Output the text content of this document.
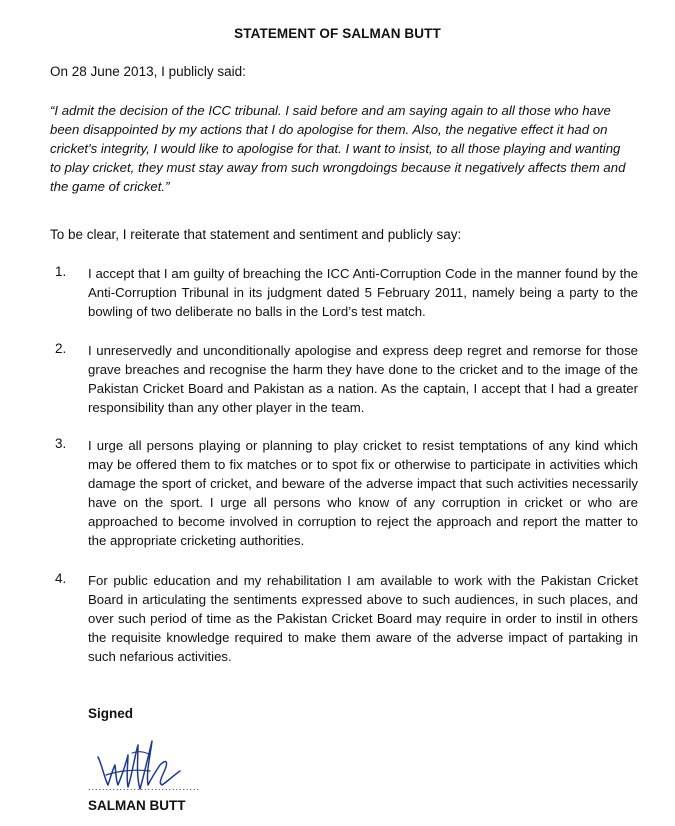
STATEMENT OF SALMAN BUTT
On 28 June 2013, I publicly said:
“I admit the decision of the ICC tribunal. I said before and am saying again to all those who have been disappointed by my actions that I do apologise for them. Also, the negative effect it had on cricket's integrity, I would like to apologise for that. I want to insist, to all those playing and wanting to play cricket, they must stay away from such wrongdoings because it negatively affects them and the game of cricket.”
To be clear, I reiterate that statement and sentiment and publicly say:
1. I accept that I am guilty of breaching the ICC Anti-Corruption Code in the manner found by the Anti-Corruption Tribunal in its judgment dated 5 February 2011, namely being a party to the bowling of two deliberate no balls in the Lord’s test match.
2. I unreservedly and unconditionally apologise and express deep regret and remorse for those grave breaches and recognise the harm they have done to the cricket and to the image of the Pakistan Cricket Board and Pakistan as a nation. As the captain, I accept that I had a greater responsibility than any other player in the team.
3. I urge all persons playing or planning to play cricket to resist temptations of any kind which may be offered them to fix matches or to spot fix or otherwise to participate in activities which damage the sport of cricket, and beware of the adverse impact that such activities necessarily have on the sport. I urge all persons who know of any corruption in cricket or who are approached to become involved in corruption to reject the approach and report the matter to the appropriate cricketing authorities.
4. For public education and my rehabilitation I am available to work with the Pakistan Cricket Board in articulating the sentiments expressed above to such audiences, in such places, and over such period of time as the Pakistan Cricket Board may require in order to instil in others the requisite knowledge required to make them aware of the adverse impact of partaking in such nefarious activities.
Signed
................................
SALMAN BUTT
